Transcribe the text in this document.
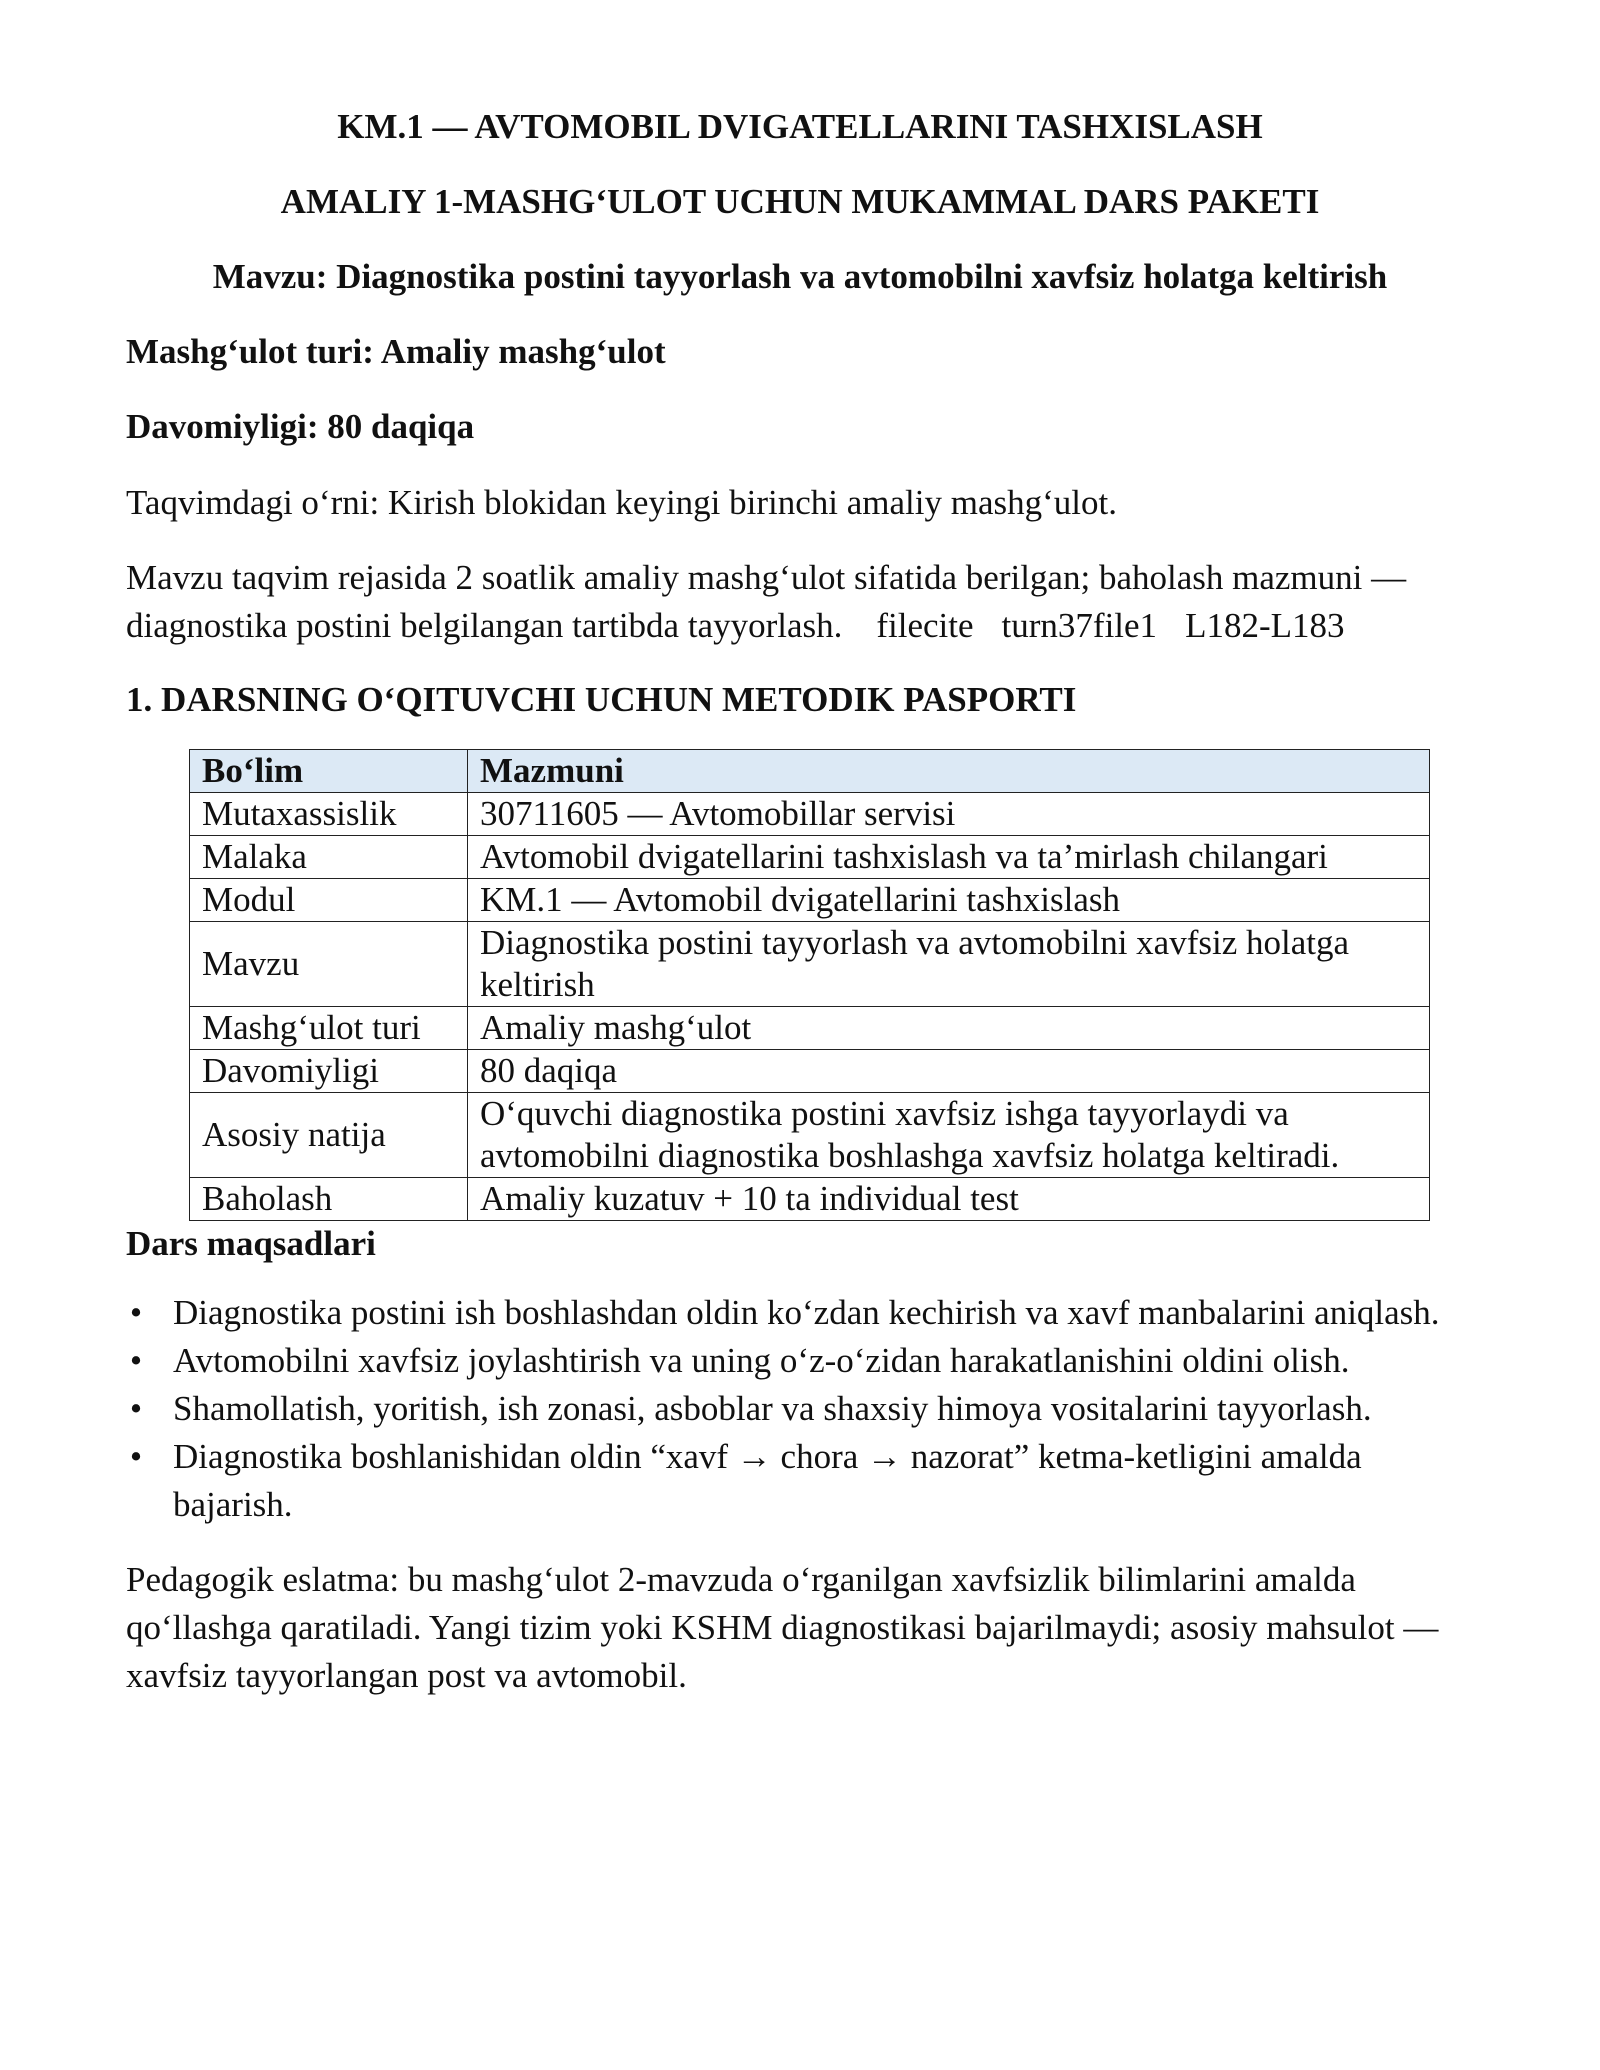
KM.1 — AVTOMOBIL DVIGATELLARINI TASHXISLASH
AMALIY 1-MASHG‘ULOT UCHUN MUKAMMAL DARS PAKETI
Mavzu: Diagnostika postini tayyorlash va avtomobilni xavfsiz holatga keltirish

Mashg‘ulot turi: Amaliy mashg‘ulot

Davomiyligi: 80 daqiqa

Taqvimdagi o‘rni: Kirish blokidan keyingi birinchi amaliy mashg‘ulot.

Mavzu taqvim rejasida 2 soatlik amaliy mashg‘ulot sifatida berilgan; baholash mazmuni — diagnostika postini belgilangan tartibda tayyorlash. filecite turn37file1 L182-L183

1. DARSNING O‘QITUVCHI UCHUN METODIK PASPORTI
Bo‘lim	Mazmuni
Mutaxassislik	30711605 — Avtomobillar servisi
Malaka	Avtomobil dvigatellarini tashxislash va ta’mirlash chilangari
Modul	KM.1 — Avtomobil dvigatellarini tashxislash
Mavzu	Diagnostika postini tayyorlash va avtomobilni xavfsiz holatga keltirish
Mashg‘ulot turi	Amaliy mashg‘ulot
Davomiyligi	80 daqiqa
Asosiy natija	O‘quvchi diagnostika postini xavfsiz ishga tayyorlaydi va avtomobilni diagnostika boshlashga xavfsiz holatga keltiradi.
Baholash	Amaliy kuzatuv + 10 ta individual test
Dars maqsadlari
• Diagnostika postini ish boshlashdan oldin ko‘zdan kechirish va xavf manbalarini aniqlash.
• Avtomobilni xavfsiz joylashtirish va uning o‘z-o‘zidan harakatlanishini oldini olish.
• Shamollatish, yoritish, ish zonasi, asboblar va shaxsiy himoya vositalarini tayyorlash.
• Diagnostika boshlanishidan oldin “xavf → chora → nazorat” ketma-ketligini amalda bajarish.

Pedagogik eslatma: bu mashg‘ulot 2-mavzuda o‘rganilgan xavfsizlik bilimlarini amalda qo‘llashga qaratiladi. Yangi tizim yoki KSHM diagnostikasi bajarilmaydi; asosiy mahsulot — xavfsiz tayyorlangan post va avtomobil.
